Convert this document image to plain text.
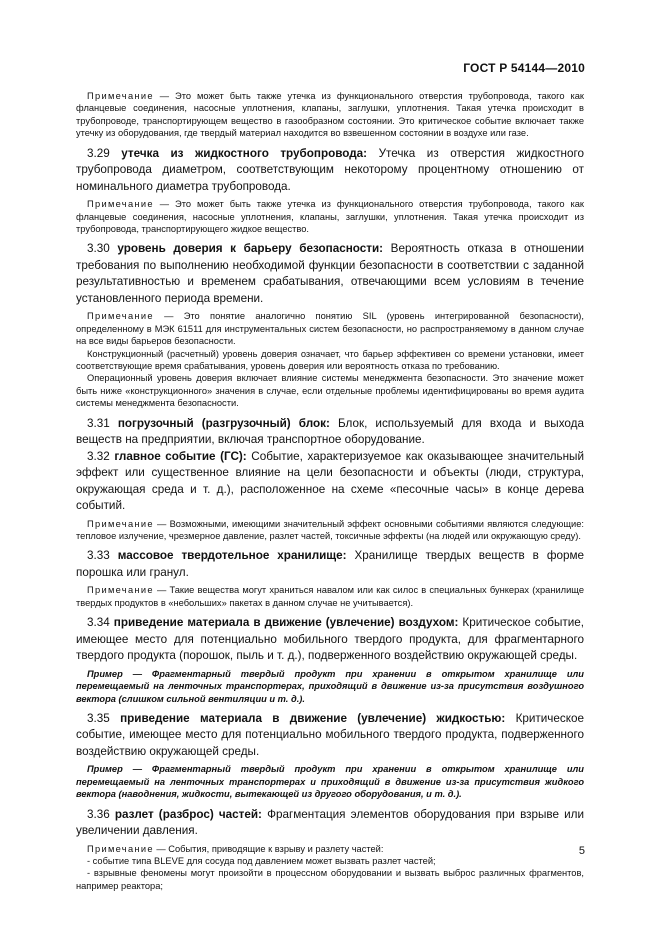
ГОСТ Р 54144—2010

Примечание — Это может быть также утечка из функционального отверстия трубопровода, такого как фланцевые соединения, насосные уплотнения, клапаны, заглушки, уплотнения. Такая утечка происходит в трубопроводе, транспортирующем вещество в газообразном состоянии. Это критическое событие включает также утечку из оборудования, где твердый материал находится во взвешенном состоянии в воздухе или газе.

3.29 утечка из жидкостного трубопровода: Утечка из отверстия жидкостного трубопровода диаметром, соответствующим некоторому процентному отношению от номинального диаметра трубопровода.

Примечание — Это может быть также утечка из функционального отверстия трубопровода, такого как фланцевые соединения, насосные уплотнения, клапаны, заглушки, уплотнения. Такая утечка происходит из трубопровода, транспортирующего жидкое вещество.

3.30 уровень доверия к барьеру безопасности: Вероятность отказа в отношении требования по выполнению необходимой функции безопасности в соответствии с заданной результативностью и временем срабатывания, отвечающими всем условиям в течение установленного периода времени.

Примечание — Это понятие аналогично понятию SIL (уровень интегрированной безопасности), определенному в МЭК 61511 для инструментальных систем безопасности, но распространяемому в данном случае на все виды барьеров безопасности.

Конструкционный (расчетный) уровень доверия означает, что барьер эффективен со времени установки, имеет соответствующие время срабатывания, уровень доверия или вероятность отказа по требованию.

Операционный уровень доверия включает влияние системы менеджмента безопасности. Это значение может быть ниже «конструкционного» значения в случае, если отдельные проблемы идентифицированы во время аудита системы менеджмента безопасности.

3.31 погрузочный (разгрузочный) блок: Блок, используемый для входа и выхода веществ на предприятии, включая транспортное оборудование.

3.32 главное событие (ГС): Событие, характеризуемое как оказывающее значительный эффект или существенное влияние на цели безопасности и объекты (люди, структура, окружающая среда и т. д.), расположенное на схеме «песочные часы» в конце дерева событий.

Примечание — Возможными, имеющими значительный эффект основными событиями являются следующие: тепловое излучение, чрезмерное давление, разлет частей, токсичные эффекты (на людей или окружающую среду).

3.33 массовое твердотельное хранилище: Хранилище твердых веществ в форме порошка или гранул.

Примечание — Такие вещества могут храниться навалом или как силос в специальных бункерах (хранилище твердых продуктов в «небольших» пакетах в данном случае не учитывается).

3.34 приведение материала в движение (увлечение) воздухом: Критическое событие, имеющее место для потенциально мобильного твердого продукта, для фрагментарного твердого продукта (порошок, пыль и т. д.), подверженного воздействию окружающей среды.

Пример — Фрагментарный твердый продукт при хранении в открытом хранилище или перемещаемый на ленточных транспортерах, приходящий в движение из-за присутствия воздушного вектора (слишком сильной вентиляции и т. д.).

3.35 приведение материала в движение (увлечение) жидкостью: Критическое событие, имеющее место для потенциально мобильного твердого продукта, подверженного воздействию окружающей среды.

Пример — Фрагментарный твердый продукт при хранении в открытом хранилище или перемещаемый на ленточных транспортерах и приходящий в движение из-за присутствия жидкого вектора (наводнения, жидкости, вытекающей из другого оборудования, и т. д.).

3.36 разлет (разброс) частей: Фрагментация элементов оборудования при взрыве или увеличении давления.

Примечание — События, приводящие к взрыву и разлету частей:

- событие типа BLEVE для сосуда под давлением может вызвать разлет частей;

- взрывные феномены могут произойти в процессном оборудовании и вызвать выброс различных фрагментов, например реактора;

5
